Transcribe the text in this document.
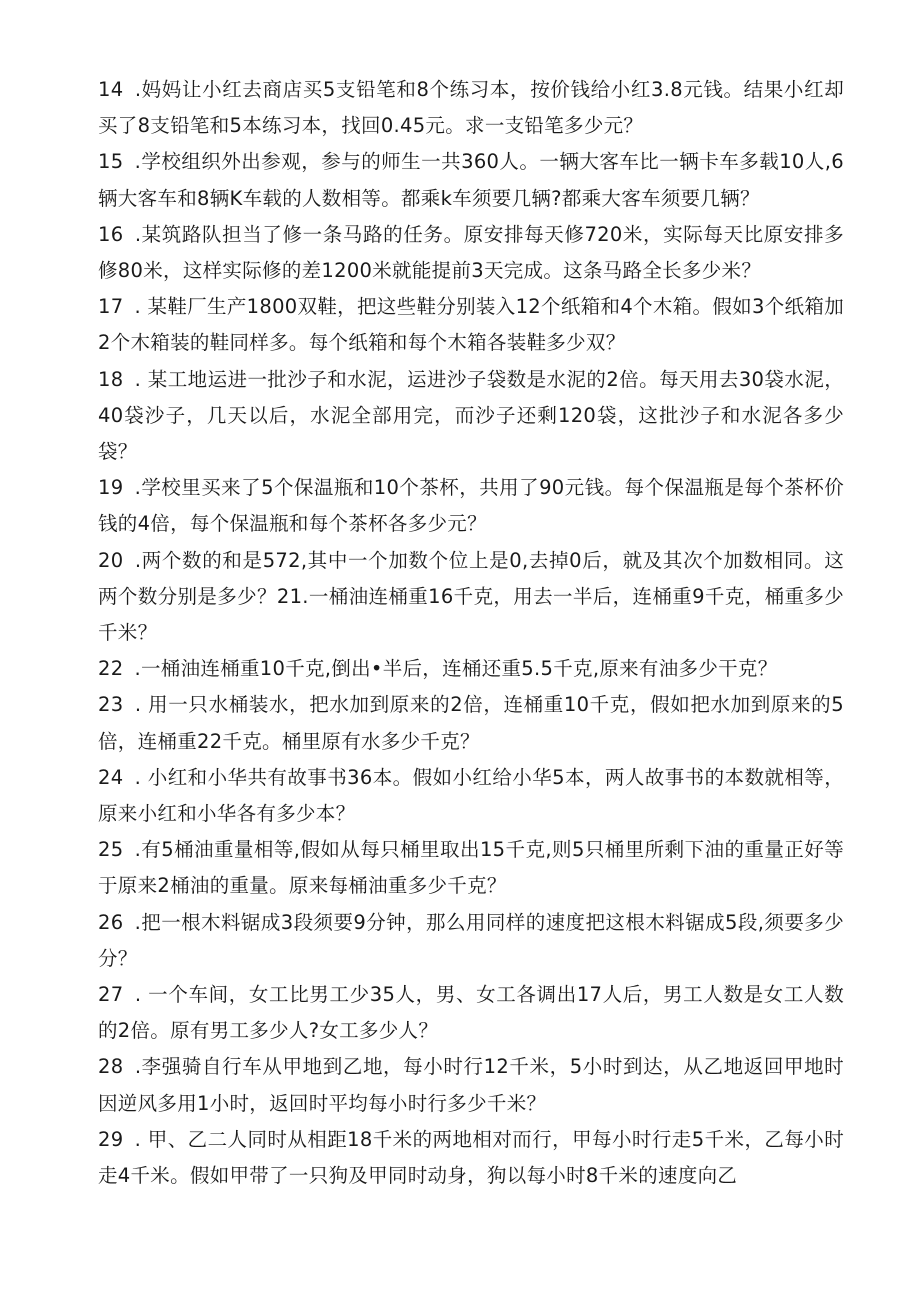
14 .妈妈让小红去商店买5支铅笔和8个练习本，按价钱给小红3.8元钱。结果小红却买了8支铅笔和5本练习本，找回0.45元。求一支铅笔多少元？

15 .学校组织外出参观，参与的师生一共360人。一辆大客车比一辆卡车多载10人,6辆大客车和8辆K车载的人数相等。都乘k车须要几辆?都乘大客车须要几辆？

16 .某筑路队担当了修一条马路的任务。原安排每天修720米，实际每天比原安排多修80米，这样实际修的差1200米就能提前3天完成。这条马路全长多少米？

17 . 某鞋厂生产1800双鞋，把这些鞋分别装入12个纸箱和4个木箱。假如3个纸箱加2个木箱装的鞋同样多。每个纸箱和每个木箱各装鞋多少双？

18 . 某工地运进一批沙子和水泥，运进沙子袋数是水泥的2倍。每天用去30袋水泥，40袋沙子，几天以后，水泥全部用完，而沙子还剩120袋，这批沙子和水泥各多少袋？

19 .学校里买来了5个保温瓶和10个茶杯，共用了90元钱。每个保温瓶是每个茶杯价钱的4倍，每个保温瓶和每个茶杯各多少元？

20 .两个数的和是572,其中一个加数个位上是0,去掉0后，就及其次个加数相同。这两个数分别是多少？21.一桶油连桶重16千克，用去一半后，连桶重9千克，桶重多少千米？

22 .一桶油连桶重10千克,倒出•半后，连桶还重5.5千克,原来有油多少干克？

23 . 用一只水桶装水，把水加到原来的2倍，连桶重10千克，假如把水加到原来的5倍，连桶重22千克。桶里原有水多少千克？

24 . 小红和小华共有故事书36本。假如小红给小华5本，两人故事书的本数就相等，原来小红和小华各有多少本？

25 .有5桶油重量相等,假如从每只桶里取出15千克,则5只桶里所剩下油的重量正好等于原来2桶油的重量。原来每桶油重多少千克？

26 .把一根木料锯成3段须要9分钟，那么用同样的速度把这根木料锯成5段,须要多少分？

27 . 一个车间，女工比男工少35人，男、女工各调出17人后，男工人数是女工人数的2倍。原有男工多少人?女工多少人？

28 .李强骑自行车从甲地到乙地，每小时行12千米，5小时到达，从乙地返回甲地时因逆风多用1小时，返回时平均每小时行多少千米？

29 . 甲、乙二人同时从相距18千米的两地相对而行，甲每小时行走5千米，乙每小时走4千米。假如甲带了一只狗及甲同时动身，狗以每小时8千米的速度向乙
